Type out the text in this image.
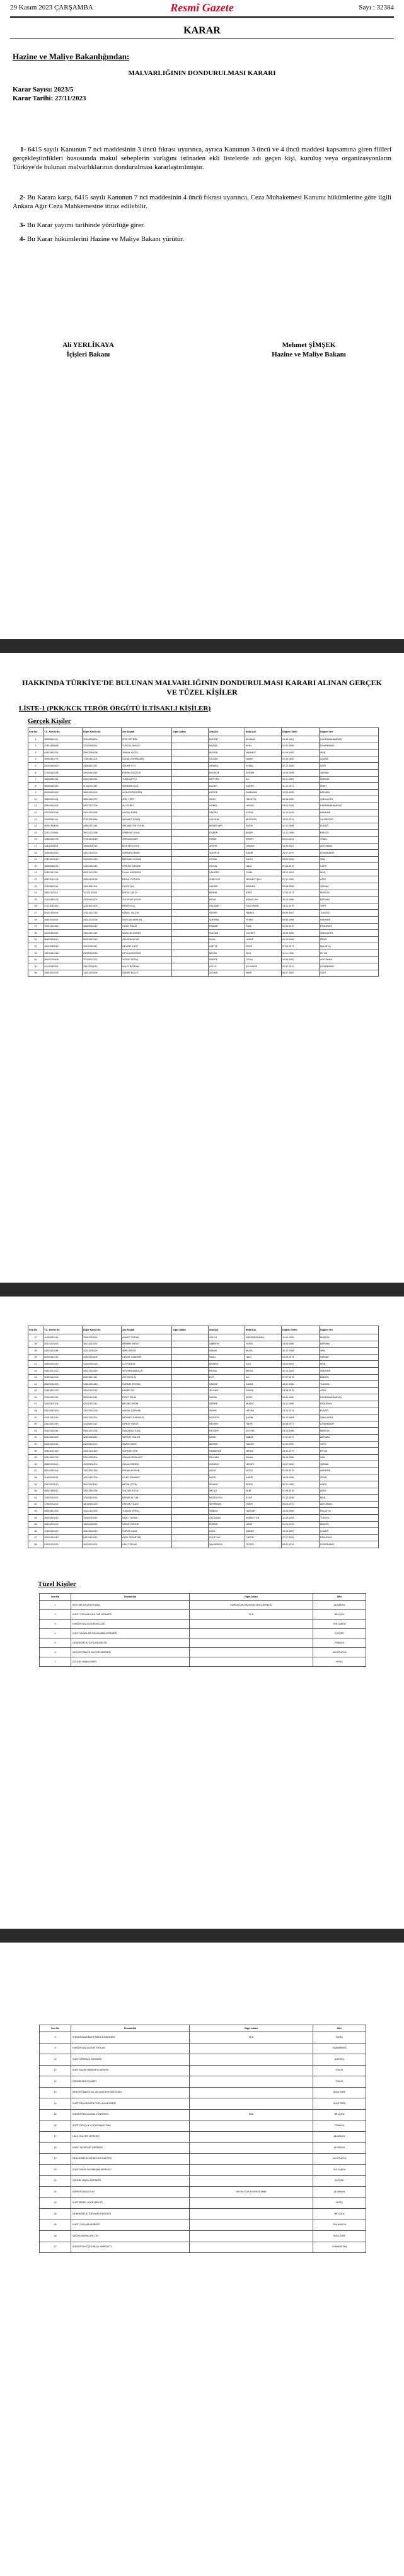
29 Kasım 2023 ÇARŞAMBA	Resmî Gazete	Sayı : 32384
KARAR
Hazine ve Maliye Bakanlığından:
MALVARLIĞININ DONDURULMASI KARARI
Karar Sayısı: 2023/5
Karar Tarihi: 27/11/2023
1- 6415 sayılı Kanunun 7 nci maddesinin 3 üncü fıkrası uyarınca, ayrıca Kanunun 3 üncü ve 4 üncü maddesi kapsamına giren fiilleri gerçekleştirdikleri hususunda makul sebeplerin varlığını istinaden ekli listelerde adı geçen kişi, kuruluş veya organizasyonların Türkiye'de bulunan malvarlıklarının dondurulması kararlaştırılmıştır.
2- Bu Karara karşı, 6415 sayılı Kanunun 7 nci maddesinin 4 üncü fıkrası uyarınca, Ceza Muhakemesi Kanunu hükümlerine göre ilgili Ankara Ağır Ceza Mahkemesine itiraz edilebilir.
3- Bu Karar yayımı tarihinde yürürlüğe girer.
4- Bu Karar hükümlerini Hazine ve Maliye Bakanı yürütür.
Ali YERLİKAYA
İçişleri Bakanı
Mehmet ŞİMŞEK
Hazine ve Maliye Bakanı
HAKKINDA TÜRKİYE'DE BULUNAN MALVARLIĞININ DONDURULMASI KARARI ALINAN GERÇEK VE TÜZEL KİŞİLER
LİSTE-1 (PKK/KCK TERÖR ÖRGÜTÜ İLTİSAKLI KİŞİLER)
Gerçek Kişiler
Sıra No	T.C. Kimlik No	Diğer Kimlik No	Adı Soyadı	Diğer Adları	Ana Adı	Baba Adı	Doğum Tarihi	Doğum Yeri
1	35508634110	22940926600	İPEK ÖZTÜRK		BÜLENT	BELMAN	08.08.1961	KAHRAMANMARAŞ
2	22301448068	32114930004	TUNCAL AKINCI		KEZMA	AKIN	22.03.1966	DIYARBAKIR
3	44303451034	25953254096	YAHAN YUCEL		BÜLBÜL	MAHMUT	01.09.1992	MUŞ
4	19002451074	17452461118	ÖZDAL KAHRAMAN		GÜZİDE	NAMIK	02.03.1962	ADANA
5	35202034500	24404541122	ŞÖHRET ÖZ		SEMİRA	KEMAL	02.12.1980	SİİRT
6	17003410188	39920441614	ERKAN ÖZÇELİK		HÜSNİYE	EKREM	14.06.1958	ŞIRNAK
7	18405452244	34130151032	TUNA ÇİFTÇİ		MERYEM	ALİ	04.11.1981	MARDİN
8	35005430450	11322212162	SERDAR KILIÇ		HACER	ŞÜKRÜ	11.10.1971	İZMİR
9	43400452450	18401541092	NİYAZİ ERDOĞAN		HATİCE	RAMAZAN	10.05.1983	BATMAN
10	26430211018	28331542270	ZEKİ YİĞİT		NAZLI	HÜSEYİN	08.08.1982	ŞANLIURFA
11	29044343434	29122312200	ALİ ÖZBEY		GÖNÜL	HASAN	04.04.1984	KAHRAMANMARAŞ
12	32120252038	24443351090	HASAN KARA		SADIKA	YUSUF	10.10.1978	HAKKARİ
13	24305304110	37253240080	MEHMET ŞAHİN		GÜLSÜM	MUSTAFA	15.02.1974	GAZİANTEP
14	40003140046	40350321148	SELAHATTİN TEKİN		MÜNEVVER	ADEM	11.02.1968	ELAZIĞ
15	31021120050	39310122258	SEBAHAT KAYA		DİLBER	BEŞİR	14.12.1985	BİNGÖL
16	14300332196	27103303040	ŞERZAN SARI		EMİNE	AHMET	01.01.1991	SİVAS
17	12311020024	33400300140	MUSTAFA ATEŞ		ZEHRA	OSMAN	19.09.1987	ADIYAMAN
18	10404512050	44022310222	SERKAN DEMİR		ŞÜKRİYE	KADİR	24.07.1979	DİYARBAKIR
19	37521500442	14130201010	BERİVAN YILMAZ		FATMA	SALİH	03.03.1990	VAN
20	26053450218	41420132340	FERHAT ŞİMŞEK		HATUN	HALİL	07.06.1976	KARS
21	14302431260	26301413252	DİLAN KORKMAZ		ŞAHİZER	CEMİL	28.12.1993	MUŞ
22	45321010138	29354103038	RESUL ÖZTÜRK		ZÜBEYDE	MEHMET ŞAH	21.11.1982	AĞRI
23	22120511148	19104041116	HAYRİ TAŞ		HALİME	İBRAHİM	02.08.1980	ŞIRNAK
24	35043111012	31110102044	ERDAL ÇELİK		BESNA	İDRİS	17.05.1973	MARDİN
25	31442450120	43200401004	ZÜLFİKAR AYDIN		FİDAN	ABDULLAH	30.04.1986	BATMAN
26	17213232452	12403021400	REMZİ KOÇ		GÜLİZAR	SÜLEYMAN	13.01.1975	SİİRT
27	29120104004	37421431218	KEMAL YALÇIN		SEHER	HAMZA	09.09.1967	TUNCELİ
28	38453010034	25431202036	NURCAN ARSLAN		ŞÜKRAN	FEHMİ	06.06.1988	HAKKARİ
29	22033121442	30402044210	İLHAN POLAT		FADİME	RIZA	22.02.1970	ERZURUM
30	44200304050	13222321240	MAZLUM GÜNEŞ		SULTAN	CEVDET	15.08.1989	ŞANLIURFA
31	36103430440	20434012140	GÜLSÜM ACAR		HİLAL	YAKUP	04.10.1984	IĞDIR
32	43141050012	31411320142	NEVZAT KURT		SAFİYE	REŞİT	27.03.1977	MALATYA
33	13010431248	24320242040	CEYLAN DOĞAN		MELEK	ZİYA	11.11.1992	BİTLİS
34	28034230408	37120012232	YUSUF ERTAŞ		NAZİFE	CELAL	19.06.1981	ADIYAMAN
35	41120342024	23413230016	HALİS BAYRAM		LEYLA	ŞEYHMUS	02.01.1972	DİYARBAKIR
36	39403002224	14341200304	SEHER BULUT		ZELİHA	NURİ	08.07.1987	SİİRT
Sıra No	T.C. Kimlik No	Diğer Kimlik No	Adı Soyadı	Diğer Adları	Ana Adı	Baba Adı	Doğum Tarihi	Doğum Yeri
37	41403044244	32401230420	AHMET ÖZKAN		GÜLLÜ	ABDURRAHMAN	10.04.1969	MARDİN
38	20413203020	30312012432	BERRİN ERSOY		SABRİYE	YASİN	18.09.1985	BATMAN
39	34024412044	31231200120	ŞİRİN DENİZ		HAVVA	MUSA	26.12.1980	VAN
40	40202441224	41304120400	CEMAL ÖZDEMİR		NAZLI	HACI	01.05.1974	ŞIRNAK
41	19330203240	13420204020	LÜTFİ BİLİR		MÜNİRE	SAİT	14.03.1991	MUŞ
42	24331012420	44023102410	SEYHAN AKBULUT		FATMA	MİRZA	30.10.1983	HAKKARİ
43	32103141204	20433201142	AYTEN KILIÇ		ELİF	ALİ	07.07.1978	BİNGÖL
44	45132014300	14401232410	KÜRŞAT ERGÜN		SAKİNE	KAZIM	12.02.1986	TUNCELİ
45	21403203120	33140124022	KADER ÖZ		ZEYNEP	FARUK	23.08.1975	AĞRI
46	37024414022	20320411044	FIRAT TEKİN		HANIM	ŞEFİK	05.05.1982	KAHRAMANMARAŞ
47	12043302104	42120302342	MELİKE AYDIN		ŞERİFE	MURAT	16.11.1990	ERZURUM
48	29214042300	13240134420	HASAN ÇAKMAK		SEVİM	HÜSNÜ	21.03.1973	ELAZIĞ
49	43102310240	24031204302	MEHMET KARAKUŞ		HAYRİYE	ŞAHİN	09.12.1984	ŞANLIURFA
50	33410241040	31420403112	AYNUR YAVUZ		NESRİN	TAHİR	28.06.1977	DİYARBAKIR
51	20343104014	43101203234	RAMAZAN TUNÇ		KEVSER	VEYSEL	03.04.1988	MARDİN
52	40122043402	12304230412	SERHAT GÜLER		DÖNE	ABBAS	17.01.1971	BATMAN
53	34201320144	24130421032	NAZIM ÖZER		BESİME	HAKAN	11.09.1992	SİİRT
54	15304021420	33204102410	NURHAN ŞEN		ÜMMÜHAN	MEHDİ	25.02.1979	BİTLİS
55	42013402130	20414320104	OSMAN BOZKURT		REYHAN	İSMAİL	06.10.1986	VAN
56	28340120412	41230104204	GÜLAY ERDEM		SÜNDÜS	NECATİ	19.07.1980	ŞIRNAK
57	36210430104	13024302140	ERHAN KESKİN		ASİYE	SEZAİ	02.03.1975	HAKKARİ
58	11403204012	42310401320	DİLEK SÖNMEZ		HÜRÜ	KADRİ	14.05.1989	IĞDIR
59	23014203410	30412013042	METİN ÇETİN		FEHİME	BEKİR	30.11.1982	KARS
60	45201340012	24102340130	SULTAN KOCA		NECLA	ZEKİ	07.08.1976	AĞRI
61	31430210420	12340402014	BAHAR ALTUN		MÜZEYYEN	EYÜP	20.12.1990	MUŞ
62	17402013402	43210403120	ORHAN YILDIZ		ŞEHRİBAN	ÖMER	04.06.1972	ADIYAMAN
63	39024301204	20134102430	TUNCAY EREN		SEBİHA	HAYDAR	13.04.1985	MALATYA
64	26130420410	31402043014	NAZLI TURAN		GÜLÜŞAN	ŞEMSETTİN	22.09.1983	TUNCELİ
65	44310204102	13420130240	VEDAT ÖZGÜR		FERİDE	NİHAT	01.01.1978	BİNGÖL
66	12403120140	42013240310	EMRAH KAYA		HAVA	ŞÜKRÜ	15.10.1987	ELAZIĞ
67	35120403410	24310402013	AYŞE DEMİRTAŞ		ZÜLEYHA	CAFER	27.07.1981	ERZURUM
68	21034102430	30142013402	HALİT SEVİM		ŞAHSENEM	TEVFİK	08.02.1974	DİYARBAKIR
Tüzel Kişiler
Sıra No	Ünvanı/Adı	Diğer Adları	Ülke
1	ROJ HAK A KURDISTANA	KURDISTAN HALKININ SESİ DERNEĞİ	ALMANYA
2	KÜRT TOPLUMU KÜLTÜR DERNEĞİ	KCD	BELÇİKA
3	KÜRDİSTAN ÖZGÜR MECLİSİ		HOLLANDA
4	KÜRT KADINLARI DAYANIŞMA DERNEĞİ		İSVİÇRE
5	DEMOKRATİK TOPLUM BİRLİĞİ		FRANSA
6	MEZOPOTAMYA KÜLTÜR MERKEZİ		AVUSTURYA
7	ÖZGÜR YAŞAM VAKFI		İSVEÇ
Sıra No	Ünvanı/Adı	Diğer Adları	Ülke
8	KÜRDİSTAN DEMOKRATİK KONGRESİ	KDK	İSVEÇ
9	KÜRDİSTAN ÖZGÜR TOPLUM		DANİMARKA
10	KÜRT ÖĞRENCİ DERNEĞİ		NORVEÇ
11	KÜRT KADIN HAREKETİ AVRUPA		İTALYA
12	ÖZGÜR MEDYA VAKFI		İTALYA
13	MEZOPOTAMYA DİL VE KÜLTÜR ENSTİTÜSÜ		İNGİLTERE
14	KÜRT DEMOKRATİK TOPLUM MERKEZİ		İNGİLTERE
15	KÜRDİSTAN ULUSAL KONGRESİ	KNK	BELÇİKA
16	KÜRT GENÇLİK KOORDİNASYONU		FRANSA
17	HALK KÜLTÜR MERKEZİ		ALMANYA
18	KÜRT YAZARLAR DERNEĞİ		ALMANYA
19	DEMOKRATİK ÖZERKLİK KOMİTESİ		AVUSTURYA
20	KÜRT KADIN DAYANIŞMA MERKEZİ		HOLLANDA
21	ÖZGÜR YAŞAM DERNEĞİ		İSVİÇRE
22	KÜRDİSTAN KIZILAY	HEYVA SOR A KURDISTANE	ALMANYA
23	KÜRT BASIN YAYIN BİRLİĞİ		İSVEÇ
24	DEMOKRATİK TOPLUM KONGRESİ		BELÇİKA
25	KÜRT TOPLUM MERKEZİ		FİNLANDİYA
26	MEDYA YAYINCILIK LTD.		İNGİLTERE
27	KÜRDİSTAN ÖZGÜRLÜK HAREKETİ		YUNANİSTAN
